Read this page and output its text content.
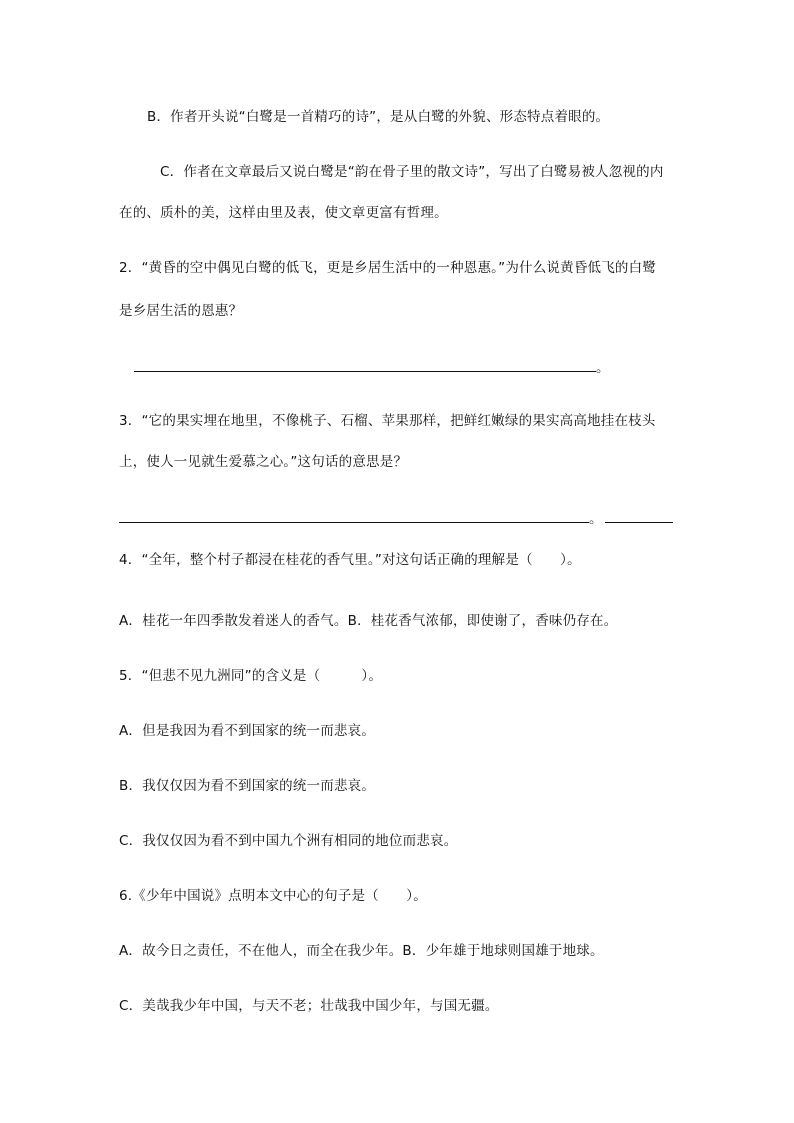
B．作者开头说“白鹭是一首精巧的诗”，是从白鹭的外貌、形态特点着眼的。
C．作者在文章最后又说白鹭是“韵在骨子里的散文诗”，写出了白鹭易被人忽视的内
在的、质朴的美，这样由里及表，使文章更富有哲理。
2．“黄昏的空中偶见白鹭的低飞，更是乡居生活中的一种恩惠。”为什么说黄昏低飞的白鹭
是乡居生活的恩惠？
。
3．“它的果实埋在地里，不像桃子、石榴、苹果那样，把鲜红嫩绿的果实高高地挂在枝头
上，使人一见就生爱慕之心。”这句话的意思是？
。
4．“全年，整个村子都浸在桂花的香气里。”对这句话正确的理解是（　　）。
A．桂花一年四季散发着迷人的香气。B．桂花香气浓郁，即使谢了，香味仍存在。
5．“但悲不见九洲同”的含义是（　　　）。
A．但是我因为看不到国家的统一而悲哀。
B．我仅仅因为看不到国家的统一而悲哀。
C．我仅仅因为看不到中国九个洲有相同的地位而悲哀。
6.《少年中国说》点明本文中心的句子是（　　）。
A．故今日之责任，不在他人，而全在我少年。B．少年雄于地球则国雄于地球。
C．美哉我少年中国，与天不老；壮哉我中国少年，与国无疆。
